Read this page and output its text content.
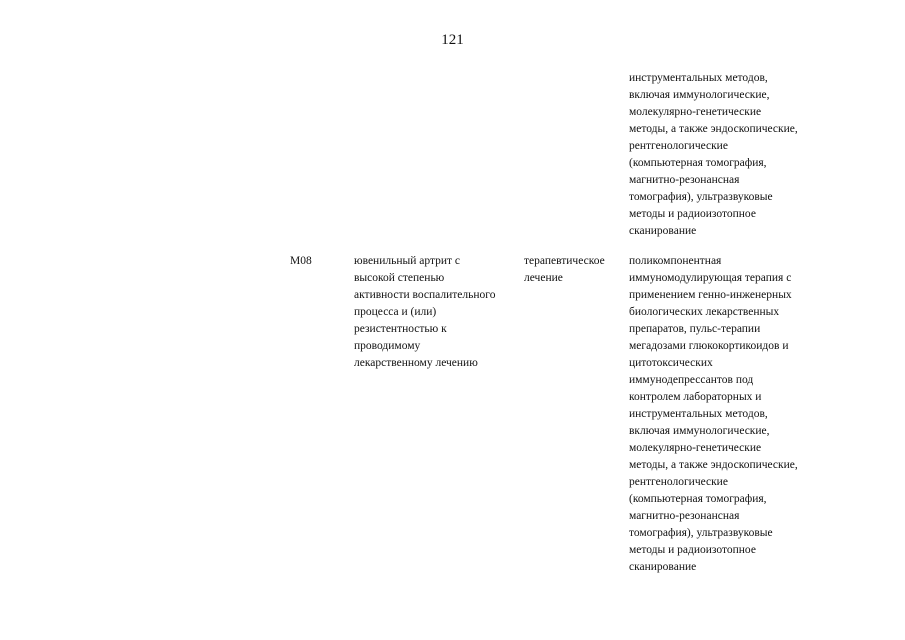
121
инструментальных методов,
включая иммунологические,
молекулярно-генетические
методы, а также эндоскопические,
рентгенологические
(компьютерная томография,
магнитно-резонансная
томография), ультразвуковые
методы и радиоизотопное
сканирование
M08	ювенильный артрит с
высокой степенью
активности воспалительного
процесса и (или)
резистентностью к
проводимому
лекарственному лечению
терапевтическое
лечение
поликомпонентная
иммуномодулирующая терапия с
применением генно-инженерных
биологических лекарственных
препаратов, пульс-терапии
мегадозами глюкокортикоидов и
цитотоксических
иммунодепрессантов под
контролем лабораторных и
инструментальных методов,
включая иммунологические,
молекулярно-генетические
методы, а также эндоскопические,
рентгенологические
(компьютерная томография,
магнитно-резонансная
томография), ультразвуковые
методы и радиоизотопное
сканирование
